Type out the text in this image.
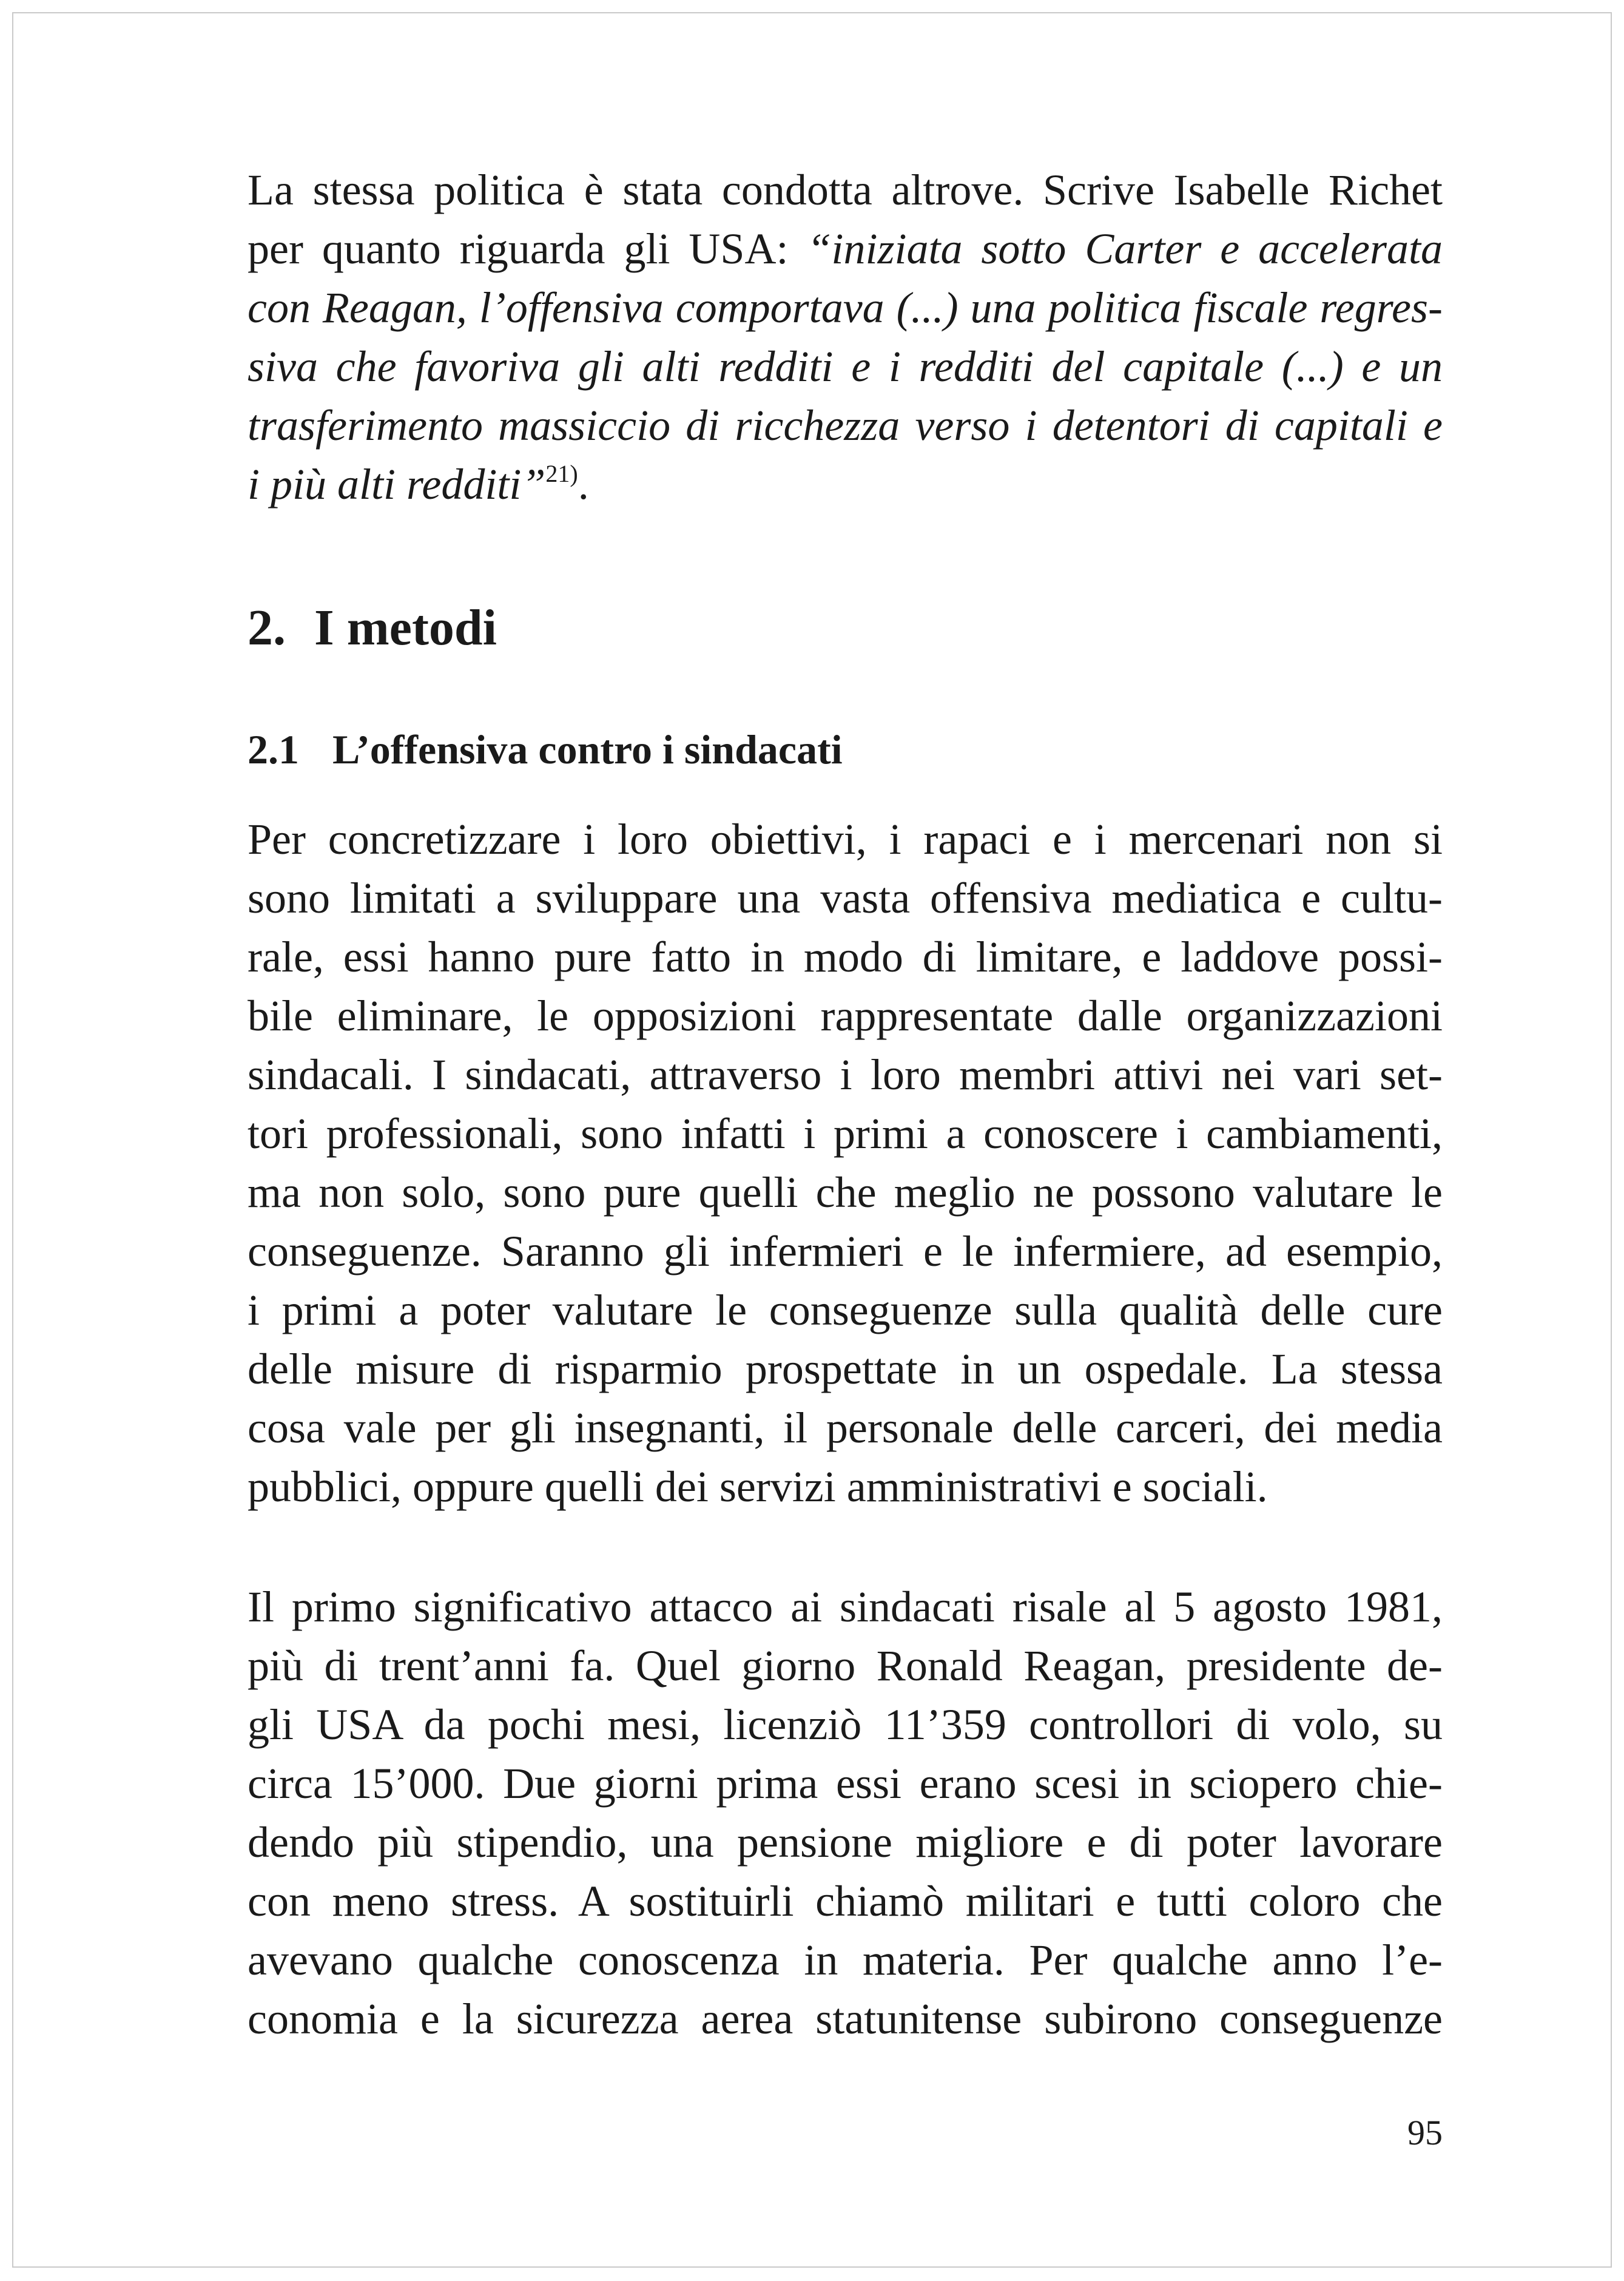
La stessa politica è stata condotta altrove. Scrive Isabelle Richet
per quanto riguarda gli USA: “iniziata sotto Carter e accelerata
con Reagan, l’offensiva comportava (...) una politica fiscale regres-
siva che favoriva gli alti redditi e i redditi del capitale (...) e un
trasferimento massiccio di ricchezza verso i detentori di capitali e
i più alti redditi”$^{21)}$.
2. I metodi
2.1 L’offensiva contro i sindacati
Per concretizzare i loro obiettivi, i rapaci e i mercenari non si
sono limitati a sviluppare una vasta offensiva mediatica e cultu-
rale, essi hanno pure fatto in modo di limitare, e laddove possi-
bile eliminare, le opposizioni rappresentate dalle organizzazioni
sindacali. I sindacati, attraverso i loro membri attivi nei vari set-
tori professionali, sono infatti i primi a conoscere i cambiamenti,
ma non solo, sono pure quelli che meglio ne possono valutare le
conseguenze. Saranno gli infermieri e le infermiere, ad esempio,
i primi a poter valutare le conseguenze sulla qualità delle cure
delle misure di risparmio prospettate in un ospedale. La stessa
cosa vale per gli insegnanti, il personale delle carceri, dei media
pubblici, oppure quelli dei servizi amministrativi e sociali.
Il primo significativo attacco ai sindacati risale al 5 agosto 1981,
più di trent’anni fa. Quel giorno Ronald Reagan, presidente de-
gli USA da pochi mesi, licenziò 11’359 controllori di volo, su
circa 15’000. Due giorni prima essi erano scesi in sciopero chie-
dendo più stipendio, una pensione migliore e di poter lavorare
con meno stress. A sostituirli chiamò militari e tutti coloro che
avevano qualche conoscenza in materia. Per qualche anno l’e-
conomia e la sicurezza aerea statunitense subirono conseguenze
95
